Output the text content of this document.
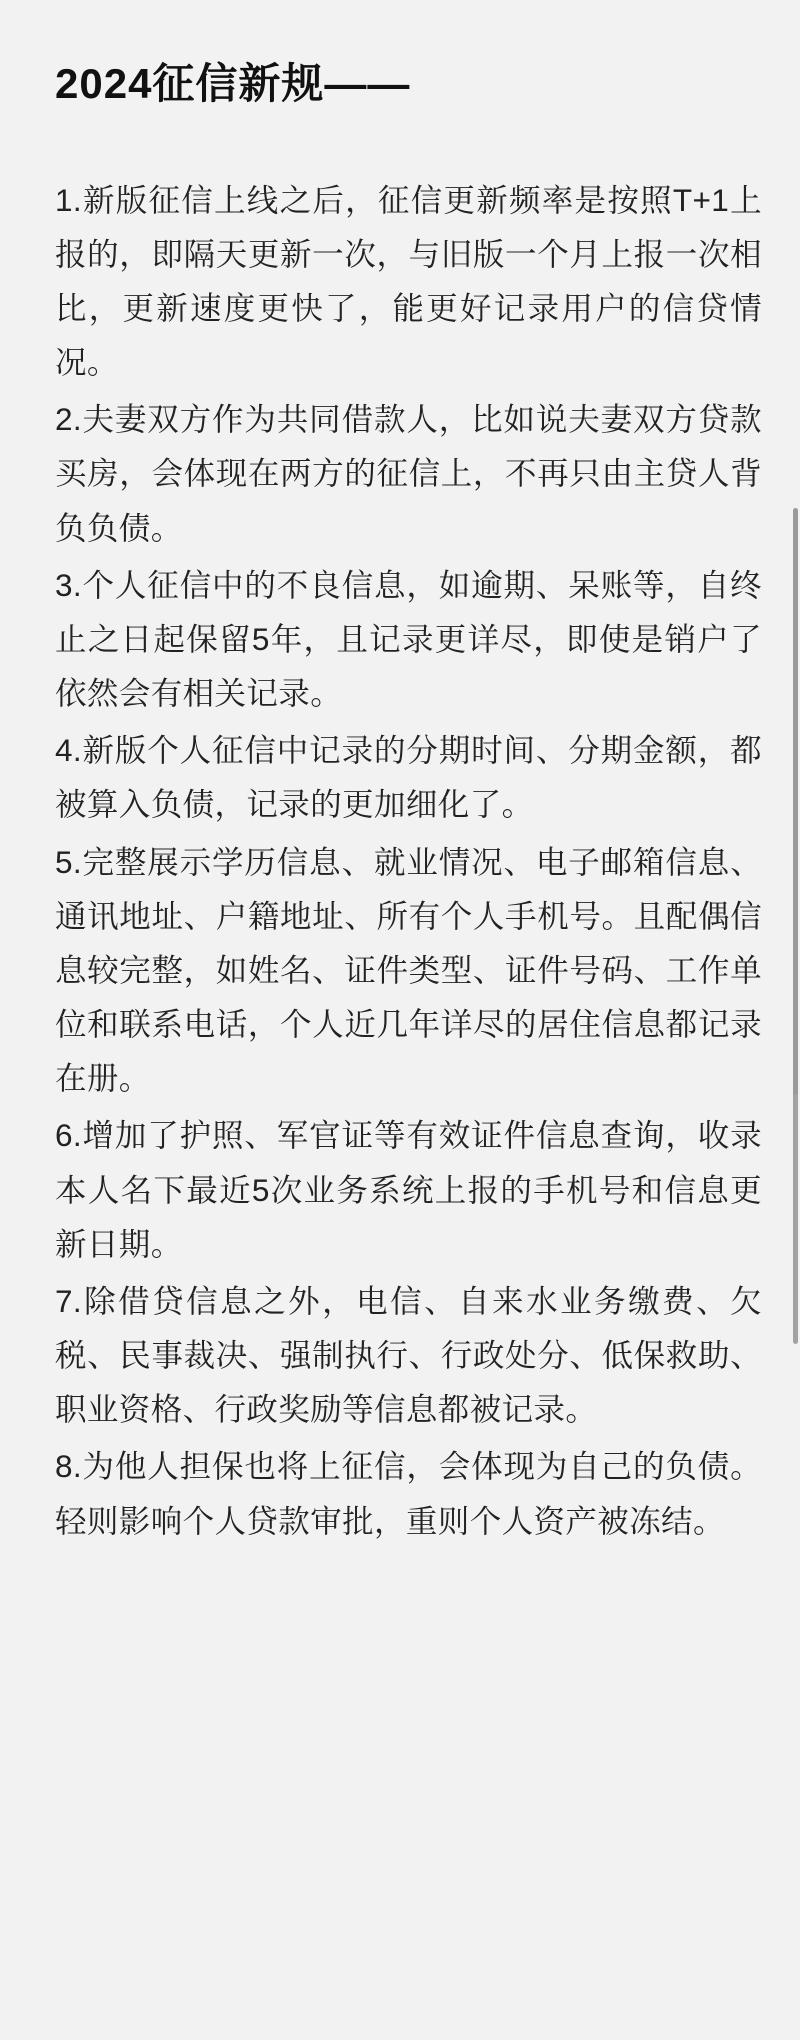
2024征信新规——

1.新版征信上线之后，征信更新频率是按照T+1上报的，即隔天更新一次，与旧版一个月上报一次相比，更新速度更快了，能更好记录用户的信贷情况。

2.夫妻双方作为共同借款人，比如说夫妻双方贷款买房，会体现在两方的征信上，不再只由主贷人背负负债。

3.个人征信中的不良信息，如逾期、呆账等，自终止之日起保留5年，且记录更详尽，即使是销户了依然会有相关记录。

4.新版个人征信中记录的分期时间、分期金额，都被算入负债，记录的更加细化了。

5.完整展示学历信息、就业情况、电子邮箱信息、通讯地址、户籍地址、所有个人手机号。且配偶信息较完整，如姓名、证件类型、证件号码、工作单位和联系电话，个人近几年详尽的居住信息都记录在册。

6.增加了护照、军官证等有效证件信息查询，收录本人名下最近5次业务系统上报的手机号和信息更新日期。

7.除借贷信息之外，电信、自来水业务缴费、欠税、民事裁决、强制执行、行政处分、低保救助、职业资格、行政奖励等信息都被记录。

8.为他人担保也将上征信，会体现为自己的负债。轻则影响个人贷款审批，重则个人资产被冻结。
